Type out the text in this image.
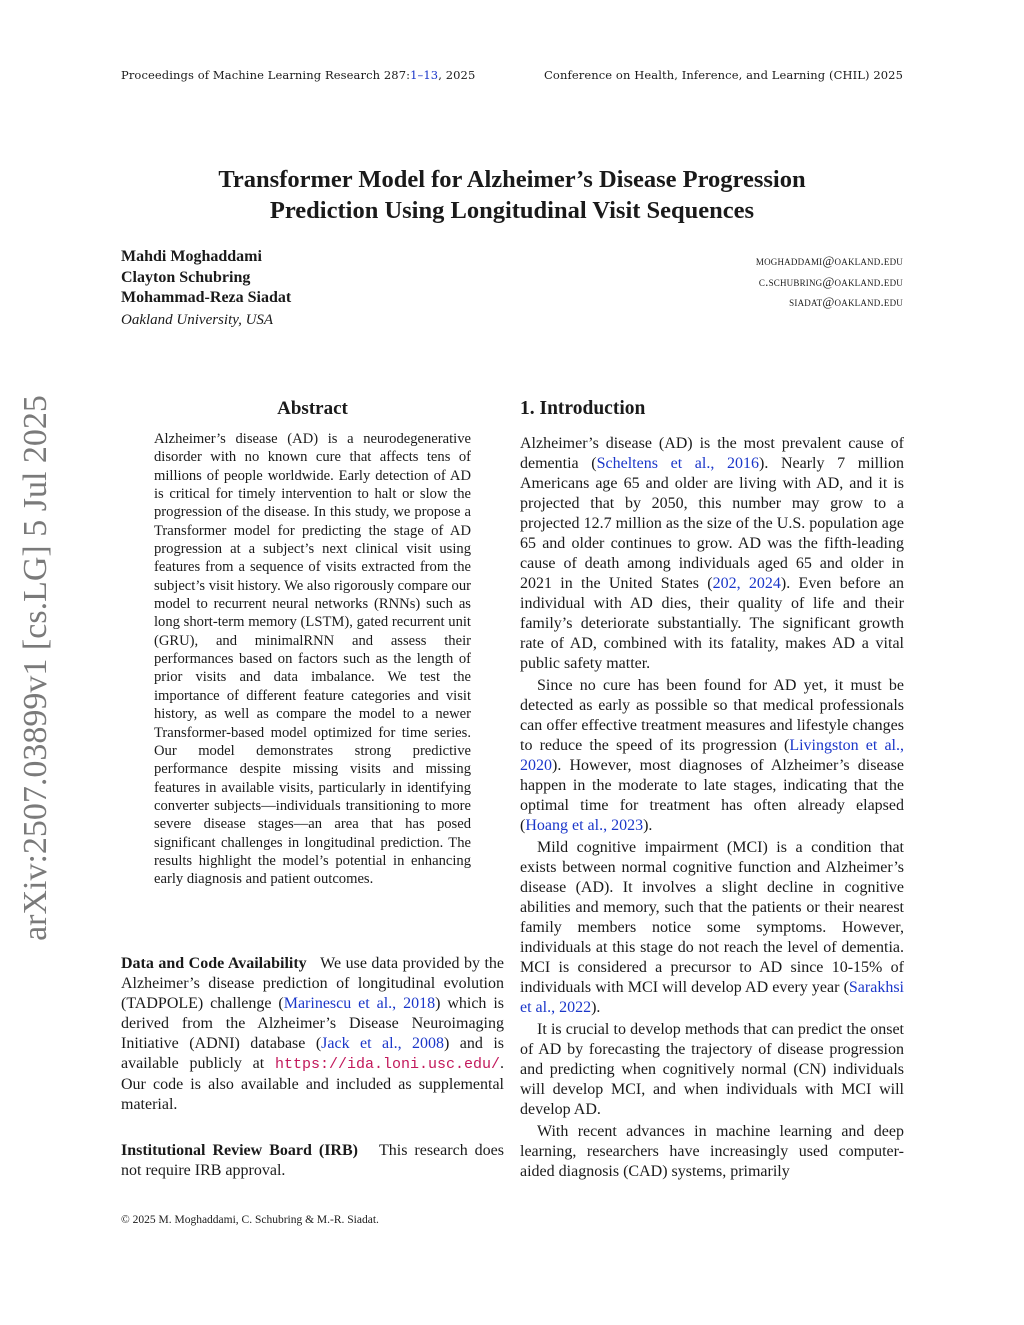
Proceedings of Machine Learning Research 287:1–13, 2025	Conference on Health, Inference, and Learning (CHIL) 2025
Transformer Model for Alzheimer’s Disease Progression
Prediction Using Longitudinal Visit Sequences
Mahdi Moghaddami
Clayton Schubring
Mohammad-Reza Siadat
Oakland University, USA
moghaddami@oakland.edu
c.schubring@oakland.edu
siadat@oakland.edu
arXiv:2507.03899v1 [cs.LG] 5 Jul 2025	Abstract
Alzheimer’s disease (AD) is a neurodegenerative disorder with no known cure that affects tens of millions of people worldwide. Early detection of AD is critical for timely intervention to halt or slow the progression of the disease. In this study, we propose a Transformer model for predicting the stage of AD progression at a subject’s next clinical visit using features from a sequence of visits extracted from the subject’s visit history. We also rigorously compare our model to recurrent neural networks (RNNs) such as long short-term memory (LSTM), gated recurrent unit (GRU), and minimalRNN and assess their performances based on factors such as the length of prior visits and data imbalance. We test the importance of different feature categories and visit history, as well as compare the model to a newer Transformer-based model optimized for time series. Our model demonstrates strong predictive performance despite missing visits and missing features in available visits, particularly in identifying converter subjects—individuals transitioning to more severe disease stages—an area that has posed significant challenges in longitudinal prediction. The results highlight the model’s potential in enhancing early diagnosis and patient outcomes.
Data and Code Availability We use data provided by the Alzheimer’s disease prediction of longitudinal evolution (TADPOLE) challenge (Marinescu et al., 2018) which is derived from the Alzheimer’s Disease Neuroimaging Initiative (ADNI) database (Jack et al., 2008) and is available publicly at https://ida.loni.usc.edu/. Our code is also available and included as supplemental material.
Institutional Review Board (IRB) This research does not require IRB approval.
1. Introduction

Alzheimer’s disease (AD) is the most prevalent cause of dementia (Scheltens et al., 2016). Nearly 7 million Americans age 65 and older are living with AD, and it is projected that by 2050, this number may grow to a projected 12.7 million as the size of the U.S. population age 65 and older continues to grow. AD was the fifth-leading cause of death among individuals aged 65 and older in 2021 in the United States (202, 2024). Even before an individual with AD dies, their quality of life and their family’s deteriorate substantially. The significant growth rate of AD, combined with its fatality, makes AD a vital public safety matter.

Since no cure has been found for AD yet, it must be detected as early as possible so that medical professionals can offer effective treatment measures and lifestyle changes to reduce the speed of its progression (Livingston et al., 2020). However, most diagnoses of Alzheimer’s disease happen in the moderate to late stages, indicating that the optimal time for treatment has often already elapsed (Hoang et al., 2023).

Mild cognitive impairment (MCI) is a condition that exists between normal cognitive function and Alzheimer’s disease (AD). It involves a slight decline in cognitive abilities and memory, such that the patients or their nearest family members notice some symptoms. However, individuals at this stage do not reach the level of dementia. MCI is considered a precursor to AD since 10-15% of individuals with MCI will develop AD every year (Sarakhsi et al., 2022).

It is crucial to develop methods that can predict the onset of AD by forecasting the trajectory of disease progression and predicting when cognitively normal (CN) individuals will develop MCI, and when individuals with MCI will develop AD.

With recent advances in machine learning and deep learning, researchers have increasingly used computer-aided diagnosis (CAD) systems, primarily

© 2025 M. Moghaddami, C. Schubring & M.-R. Siadat.
